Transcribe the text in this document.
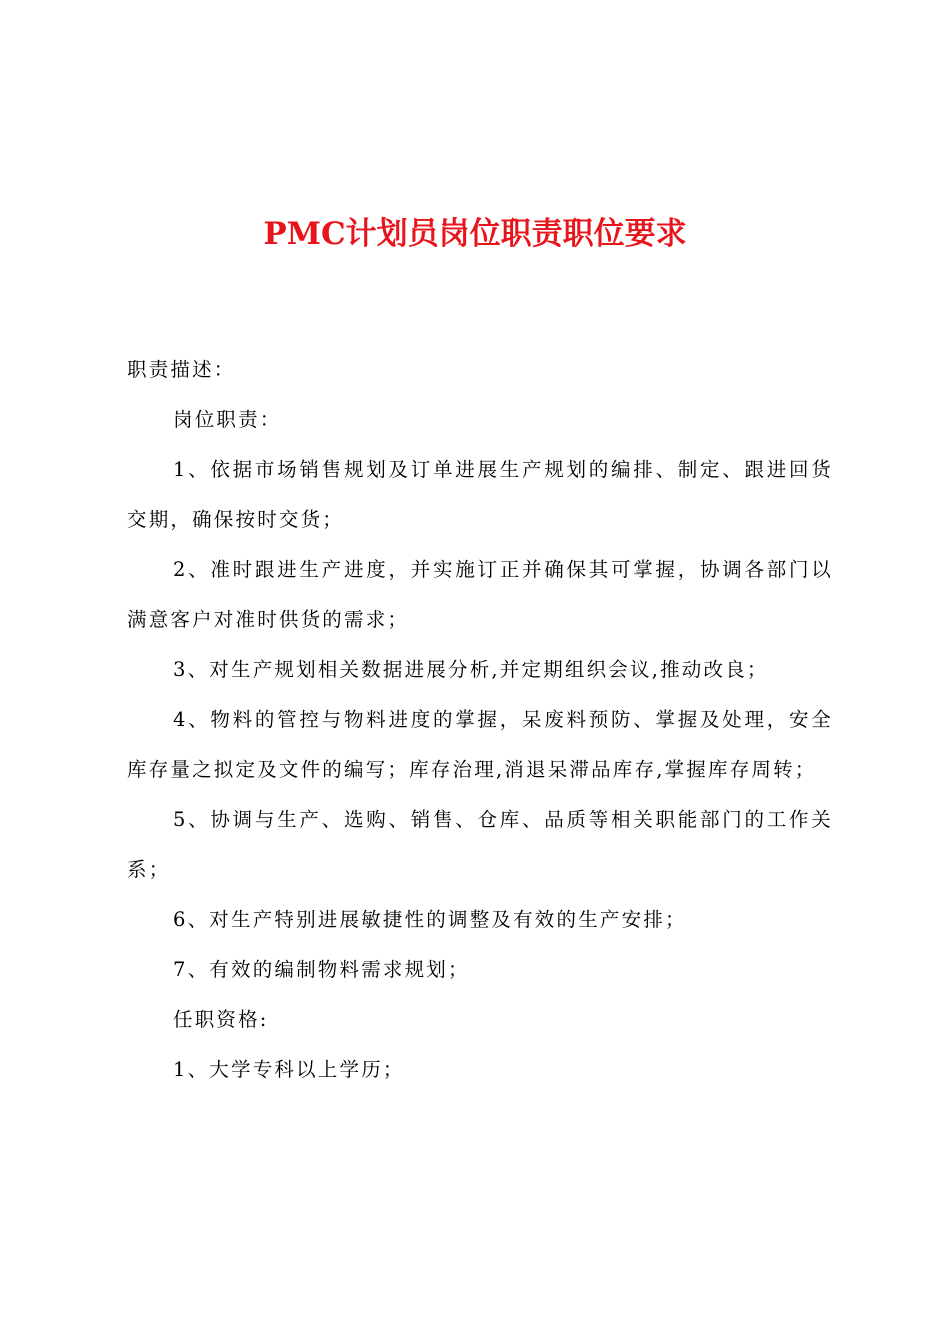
PMC计划员岗位职责职位要求

职责描述：

岗位职责：

1、依据市场销售规划及订单进展生产规划的编排、制定、跟进回货交期，确保按时交货；

2、准时跟进生产进度，并实施订正并确保其可掌握，协调各部门以满意客户对准时供货的需求；

3、对生产规划相关数据进展分析,并定期组织会议,推动改良；

4、物料的管控与物料进度的掌握，呆废料预防、掌握及处理，安全库存量之拟定及文件的编写；库存治理,消退呆滞品库存,掌握库存周转；

5、协调与生产、选购、销售、仓库、品质等相关职能部门的工作关系；

6、对生产特别进展敏捷性的调整及有效的生产安排；

7、有效的编制物料需求规划；

任职资格:

1、大学专科以上学历；
